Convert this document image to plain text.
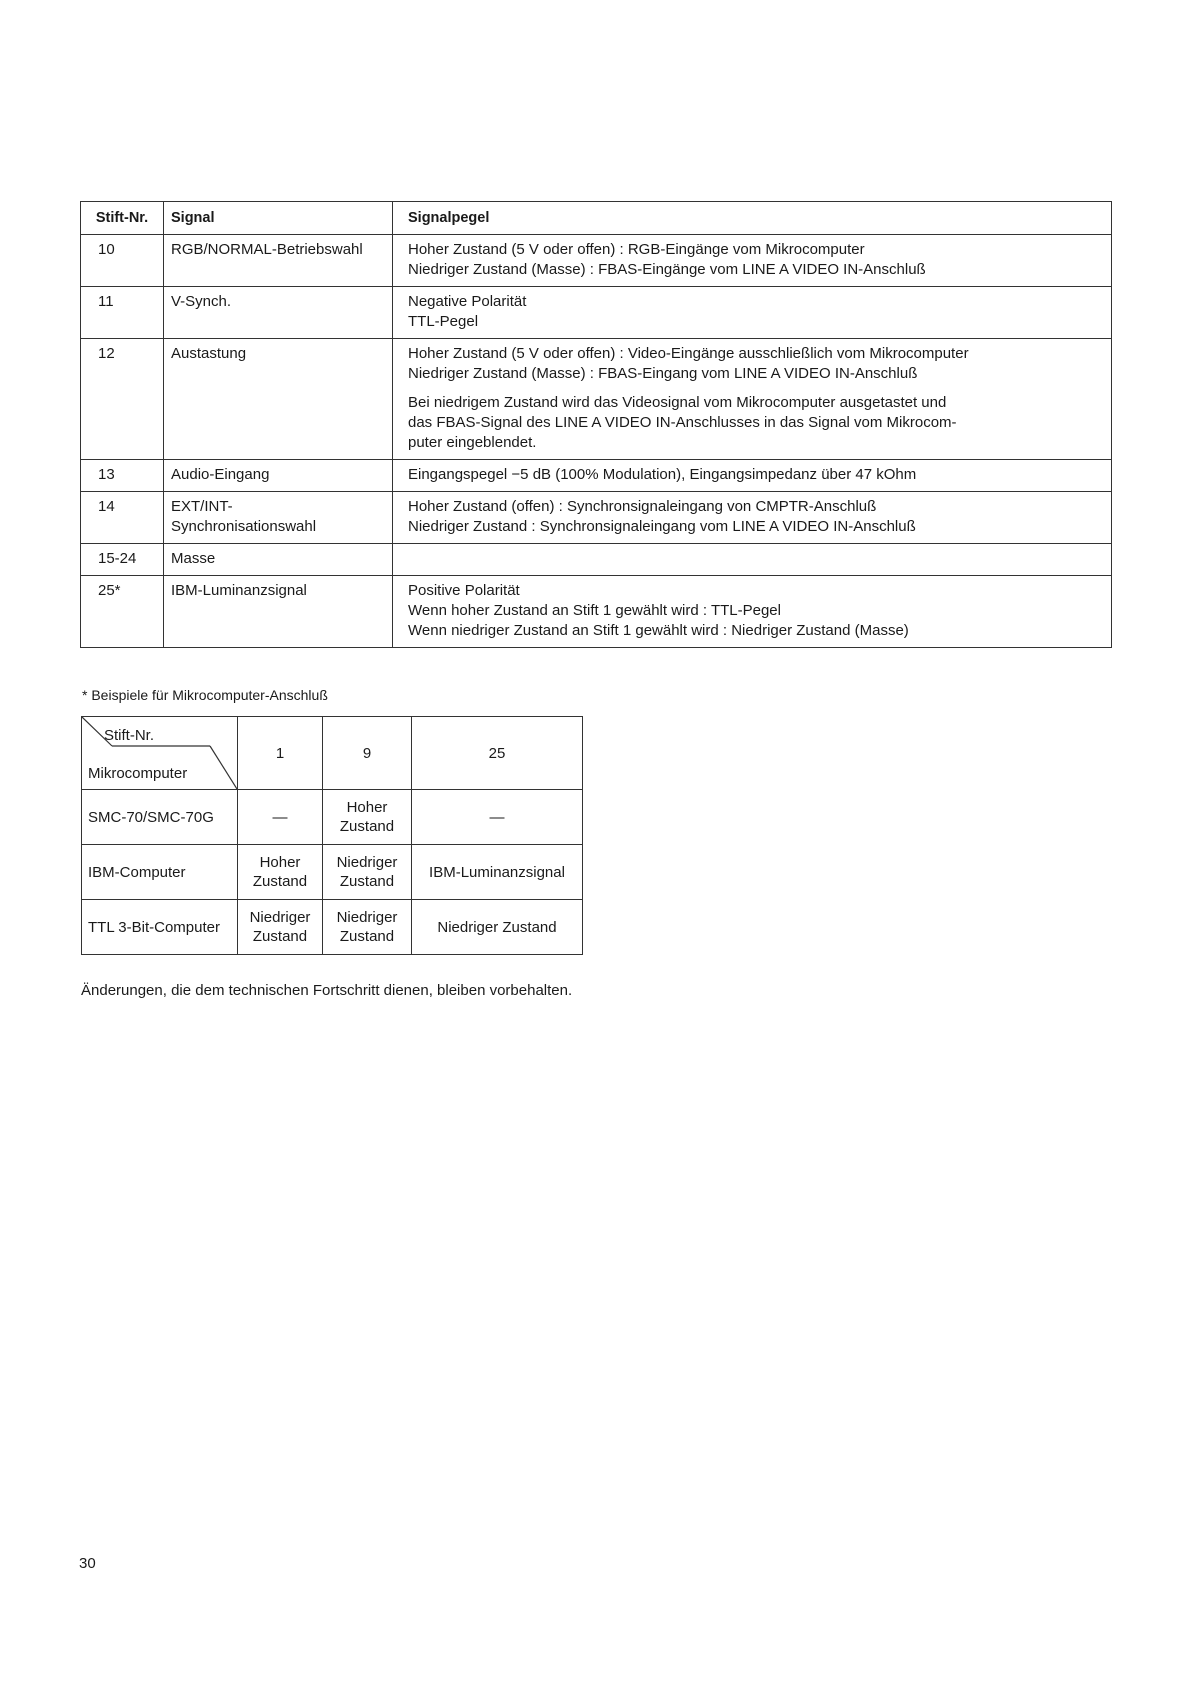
Stift-Nr.	Signal	Signalpegel
10	RGB/NORMAL-Betriebswahl	Hoher Zustand (5 V oder offen) : RGB-Eingänge vom Mikrocomputer
Niedriger Zustand (Masse) : FBAS-Eingänge vom LINE A VIDEO IN-Anschluß

11	V-Synch.	Negative Polarität
TTL-Pegel

12	Austastung	Hoher Zustand (5 V oder offen) : Video-Eingänge ausschließlich vom Mikrocomputer
Niedriger Zustand (Masse) : FBAS-Eingang vom LINE A VIDEO IN-Anschluß
Bei niedrigem Zustand wird das Videosignal vom Mikrocomputer ausgetastet und
das FBAS-Signal des LINE A VIDEO IN-Anschlusses in das Signal vom Mikrocom-
puter eingeblendet.

13	Audio-Eingang	Eingangspegel −5 dB (100% Modulation), Eingangsimpedanz über 47 kOhm

14	EXT/INT-
Synchronisationswahl	Hoher Zustand (offen) : Synchronsignaleingang von CMPTR-Anschluß
Niedriger Zustand : Synchronsignaleingang vom LINE A VIDEO IN-Anschluß

15-24	Masse	

25*	IBM-Luminanzsignal	Positive Polarität
Wenn hoher Zustand an Stift 1 gewählt wird : TTL-Pegel
Wenn niedriger Zustand an Stift 1 gewählt wird : Niedriger Zustand (Masse)
* Beispiele für Mikrocomputer-Anschluß
Stift-Nr.
Mikrocomputer	1	9	25
SMC-70/SMC-70G	—	Hoher
Zustand	—

IBM-Computer	Hoher
Zustand	Niedriger
Zustand	IBM-Luminanzsignal

TTL 3-Bit-Computer	Niedriger
Zustand	Niedriger
Zustand	Niedriger Zustand
Änderungen, die dem technischen Fortschritt dienen, bleiben vorbehalten.
30
